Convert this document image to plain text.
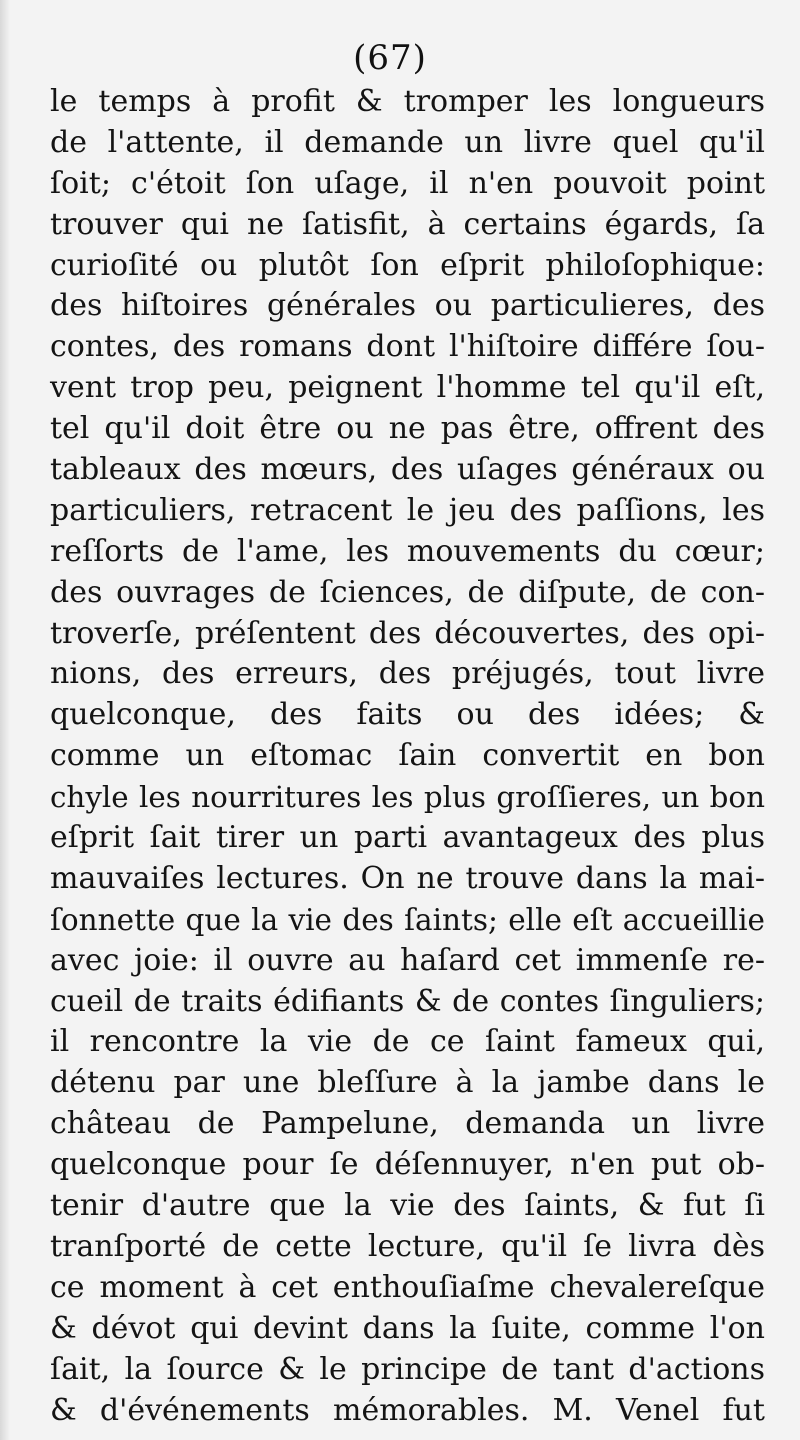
(67)
le temps à profit & tromper les longueurs
de l'attente, il demande un livre quel qu'il
ſoit; c'étoit ſon uſage, il n'en pouvoit point
trouver qui ne ſatisfit, à certains égards, ſa
curioſité ou plutôt ſon eſprit philoſophique:
des hiſtoires générales ou particulieres, des
contes, des romans dont l'hiſtoire différe ſou-
vent trop peu, peignent l'homme tel qu'il eſt,
tel qu'il doit être ou ne pas être, offrent des
tableaux des mœurs, des uſages généraux ou
particuliers, retracent le jeu des paſſions, les
reſſorts de l'ame, les mouvements du cœur;
des ouvrages de ſciences, de diſpute, de con-
troverſe, préſentent des découvertes, des opi-
nions, des erreurs, des préjugés, tout livre
quelconque, des faits ou des idées; &
comme un eſtomac ſain convertit en bon
chyle les nourritures les plus groſſieres, un bon
eſprit ſait tirer un parti avantageux des plus
mauvaiſes lectures. On ne trouve dans la mai-
ſonnette que la vie des ſaints; elle eſt accueillie
avec joie: il ouvre au haſard cet immenſe re-
cueil de traits édifiants & de contes ſinguliers;
il rencontre la vie de ce ſaint fameux qui,
détenu par une bleſſure à la jambe dans le
château de Pampelune, demanda un livre
quelconque pour ſe déſennuyer, n'en put ob-
tenir d'autre que la vie des ſaints, & fut ſi
tranſporté de cette lecture, qu'il ſe livra dès
ce moment à cet enthouſiaſme chevalereſque
& dévot qui devint dans la ſuite, comme l'on
ſait, la ſource & le principe de tant d'actions
& d'événements mémorables. M. Venel fut
